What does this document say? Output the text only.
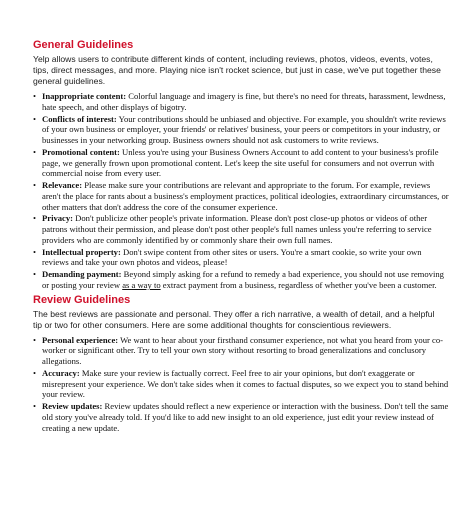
General Guidelines
Yelp allows users to contribute different kinds of content, including reviews, photos, videos, events, votes, tips, direct messages, and more. Playing nice isn't rocket science, but just in case, we've put together these general guidelines.
• Inappropriate content: Colorful language and imagery is fine, but there's no need for threats, harassment, lewdness, hate speech, and other displays of bigotry.
• Conflicts of interest: Your contributions should be unbiased and objective. For example, you shouldn't write reviews of your own business or employer, your friends' or relatives' business, your peers or competitors in your industry, or businesses in your networking group. Business owners should not ask customers to write reviews.
• Promotional content: Unless you're using your Business Owners Account to add content to your business's profile page, we generally frown upon promotional content. Let's keep the site useful for consumers and not overrun with commercial noise from every user.
• Relevance: Please make sure your contributions are relevant and appropriate to the forum. For example, reviews aren't the place for rants about a business's employment practices, political ideologies, extraordinary circumstances, or other matters that don't address the core of the consumer experience.
• Privacy: Don't publicize other people's private information. Please don't post close-up photos or videos of other patrons without their permission, and please don't post other people's full names unless you're referring to service providers who are commonly identified by or commonly share their own full names.
• Intellectual property: Don't swipe content from other sites or users. You're a smart cookie, so write your own reviews and take your own photos and videos, please!
• Demanding payment: Beyond simply asking for a refund to remedy a bad experience, you should not use removing or posting your review as a way to extract payment from a business, regardless of whether you've been a customer.
Review Guidelines
The best reviews are passionate and personal. They offer a rich narrative, a wealth of detail, and a helpful tip or two for other consumers. Here are some additional thoughts for conscientious reviewers.
• Personal experience: We want to hear about your firsthand consumer experience, not what you heard from your co-worker or significant other. Try to tell your own story without resorting to broad generalizations and conclusory allegations.
• Accuracy: Make sure your review is factually correct. Feel free to air your opinions, but don't exaggerate or misrepresent your experience. We don't take sides when it comes to factual disputes, so we expect you to stand behind your review.
• Review updates: Review updates should reflect a new experience or interaction with the business. Don't tell the same old story you've already told. If you'd like to add new insight to an old experience, just edit your review instead of creating a new update.
